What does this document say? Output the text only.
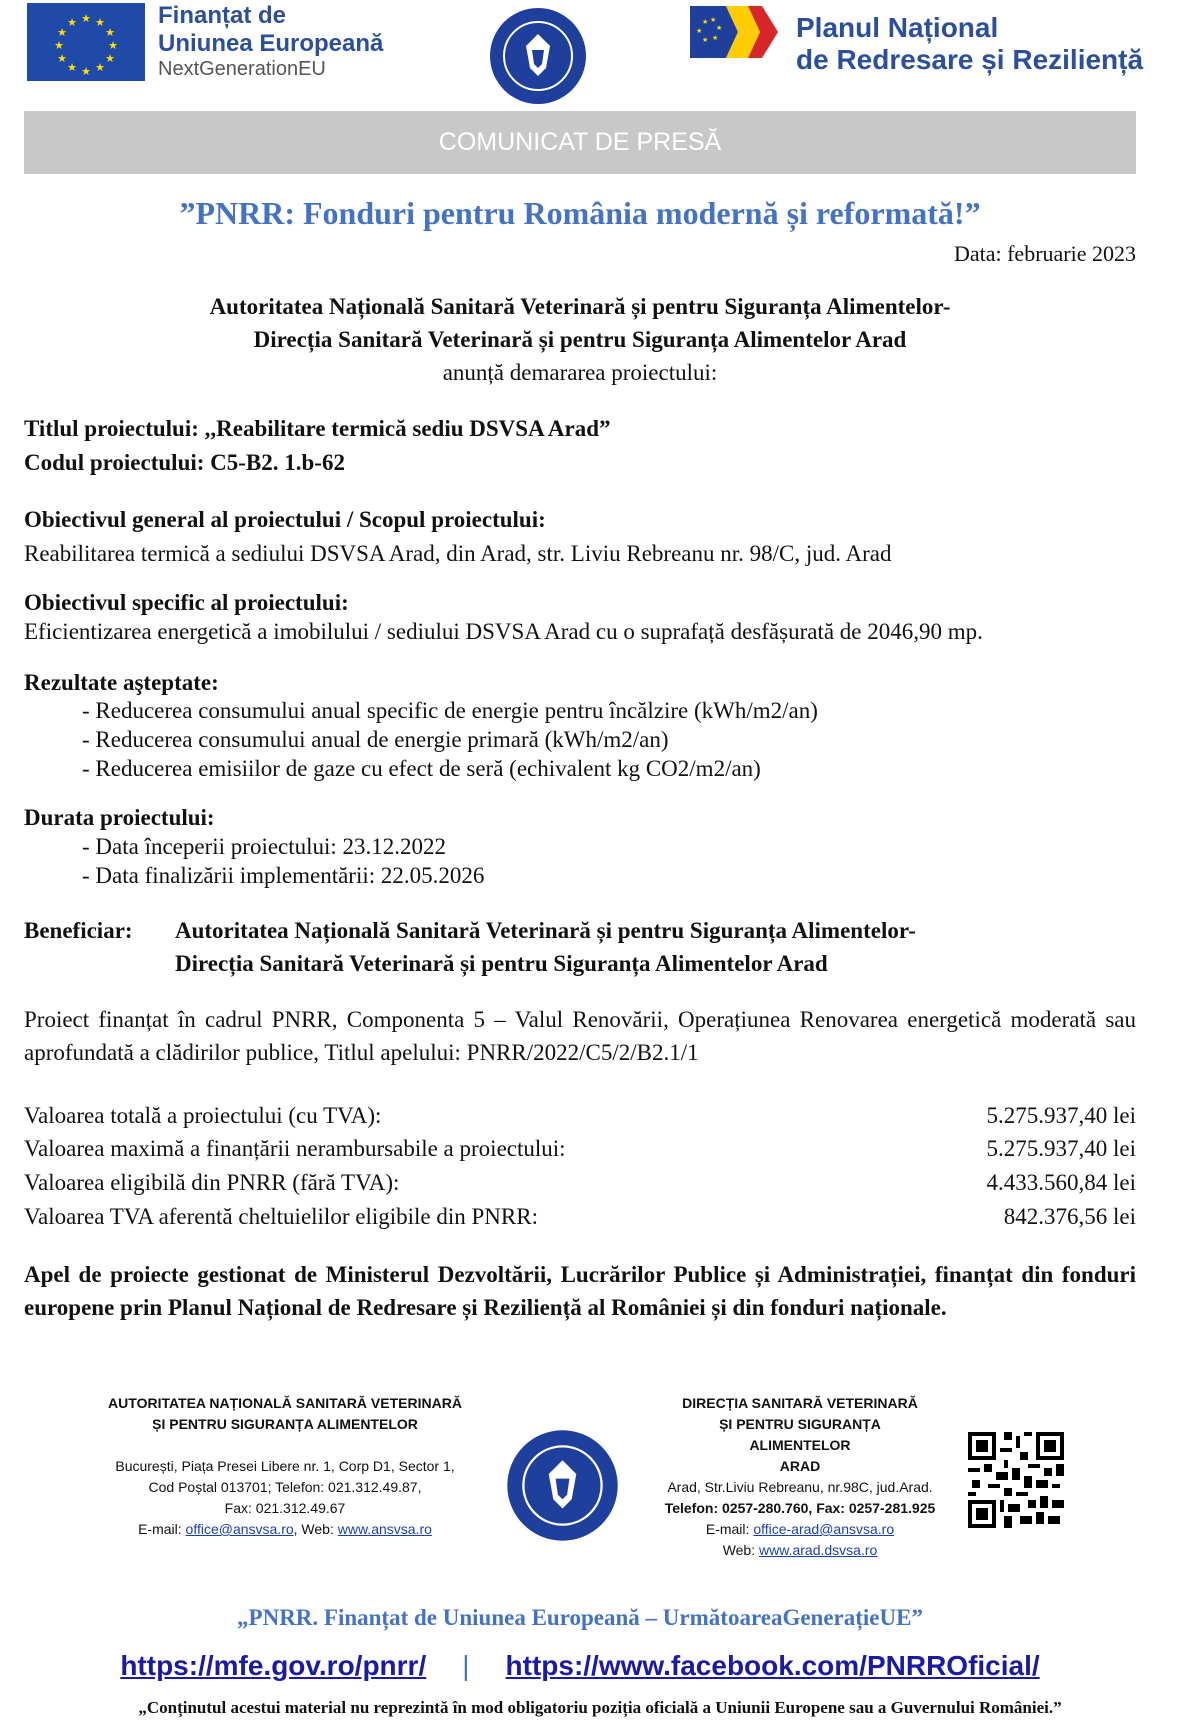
★ ★
★
★
★
★
★
★
★
★
★
★	Finanțat de
Uniunea Europeană
NextGenerationEU
★ ★
★
★
★
★	Planul Național
de Redresare și Reziliență
COMUNICAT DE PRESĂ
”PNRR: Fonduri pentru România modernă și reformată!”
Data: februarie 2023
Autoritatea Națională Sanitară Veterinară și pentru Siguranța Alimentelor-
Direcția Sanitară Veterinară și pentru Siguranța Alimentelor Arad
anunță demararea proiectului:
Titlul proiectului: ,,Reabilitare termică sediu DSVSA Arad”
Codul proiectului: C5-B2. 1.b-62
Obiectivul general al proiectului / Scopul proiectului:
Reabilitarea termică a sediului DSVSA Arad, din Arad, str. Liviu Rebreanu nr. 98/C, jud. Arad
Obiectivul specific al proiectului:
Eficientizarea energetică a imobilului / sediului DSVSA Arad cu o suprafață desfășurată de 2046,90 mp.
Rezultate aşteptate:
- Reducerea consumului anual specific de energie pentru încălzire (kWh/m2/an)
- Reducerea consumului anual de energie primară (kWh/m2/an)
- Reducerea emisiilor de gaze cu efect de seră (echivalent kg CO2/m2/an)
Durata proiectului:
- Data începerii proiectului: 23.12.2022
- Data finalizării implementării: 22.05.2026
Beneficiar: Autoritatea Națională Sanitară Veterinară și pentru Siguranța Alimentelor-
Direcția Sanitară Veterinară și pentru Siguranța Alimentelor Arad
Proiect finanțat în cadrul PNRR, Componenta 5 – Valul Renovării, Operațiunea Renovarea energetică moderată sau aprofundată a clădirilor publice, Titlul apelului: PNRR/2022/C5/2/B2.1/1
Valoarea totală a proiectului (cu TVA):	5.275.937,40 lei
Valoarea maximă a finanțării nerambursabile a proiectului:	5.275.937,40 lei
Valoarea eligibilă din PNRR (fără TVA):	4.433.560,84 lei
Valoarea TVA aferentă cheltuielilor eligibile din PNRR:	842.376,56 lei
Apel de proiecte gestionat de Ministerul Dezvoltării, Lucrărilor Publice și Administrației, finanțat din fonduri europene prin Planul Național de Redresare și Reziliență al României și din fonduri naționale.
AUTORITATEA NAȚIONALĂ SANITARĂ VETERINARĂ
ȘI PENTRU SIGURANȚA ALIMENTELOR
București, Piața Presei Libere nr. 1, Corp D1, Sector 1,
Cod Poștal 013701; Telefon: 021.312.49.87,
Fax: 021.312.49.67
E-mail: office@ansvsa.ro, Web: www.ansvsa.ro
DIRECȚIA SANITARĂ VETERINARĂ
ȘI PENTRU SIGURANȚA
ALIMENTELOR
ARAD
Arad, Str.Liviu Rebreanu, nr.98C, jud.Arad.
Telefon: 0257-280.760, Fax: 0257-281.925
E-mail: office-arad@ansvsa.ro
Web: www.arad.dsvsa.ro
„PNRR. Finanțat de Uniunea Europeană – UrmătoareaGenerațieUE”
https://mfe.gov.ro/pnrr/ | https://www.facebook.com/PNRROficial/
„Conținutul acestui material nu reprezintă în mod obligatoriu poziția oficială a Uniunii Europene sau a Guvernului României.”
